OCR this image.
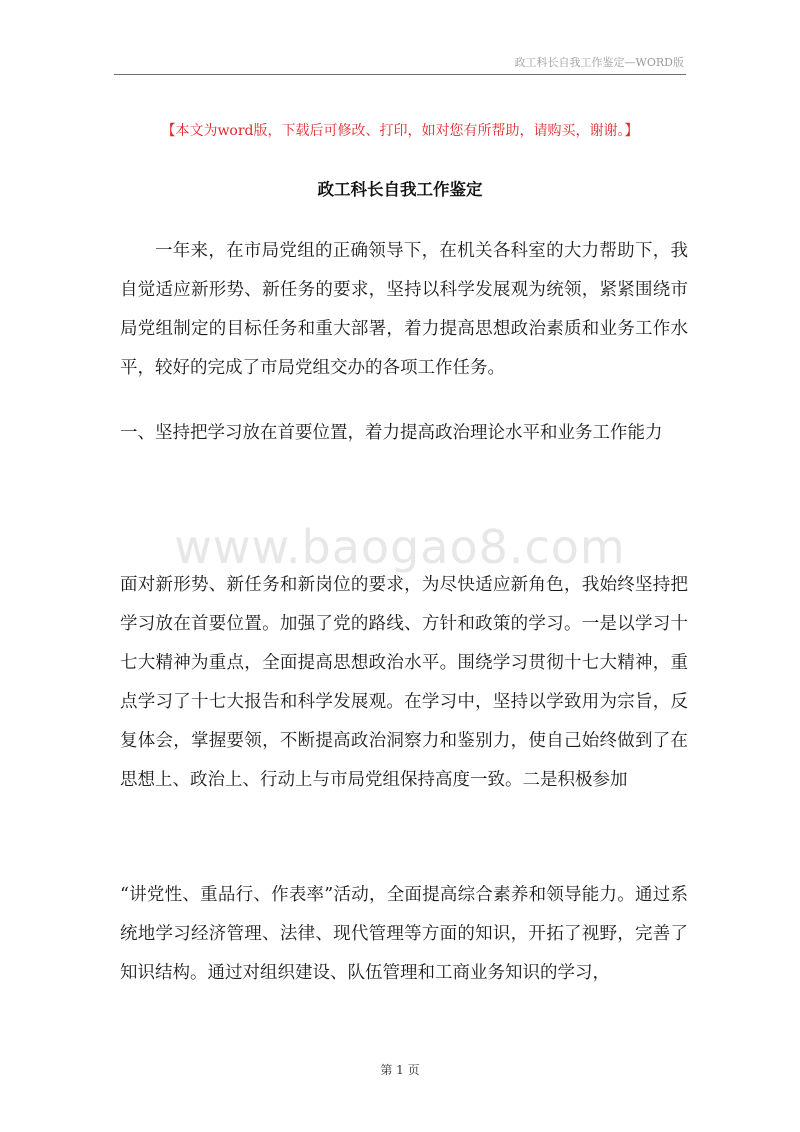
政工科长自我工作鉴定—WORD版
【本文为word版，下载后可修改、打印，如对您有所帮助，请购买，谢谢。】
政工科长自我工作鉴定

一年来，在市局党组的正确领导下，在机关各科室的大力帮助下，我自觉适应新形势、新任务的要求，坚持以科学发展观为统领，紧紧围绕市局党组制定的目标任务和重大部署，着力提高思想政治素质和业务工作水平，较好的完成了市局党组交办的各项工作任务。

一、坚持把学习放在首要位置，着力提高政治理论水平和业务工作能力

www.baogao8.com

面对新形势、新任务和新岗位的要求，为尽快适应新角色，我始终坚持把学习放在首要位置。加强了党的路线、方针和政策的学习。一是以学习十七大精神为重点，全面提高思想政治水平。围绕学习贯彻十七大精神，重点学习了十七大报告和科学发展观。在学习中，坚持以学致用为宗旨，反复体会，掌握要领，不断提高政治洞察力和鉴别力，使自己始终做到了在思想上、政治上、行动上与市局党组保持高度一致。二是积极参加

“讲党性、重品行、作表率”活动，全面提高综合素养和领导能力。通过系统地学习经济管理、法律、现代管理等方面的知识，开拓了视野，完善了知识结构。通过对组织建设、队伍管理和工商业务知识的学习，

第 1 页
